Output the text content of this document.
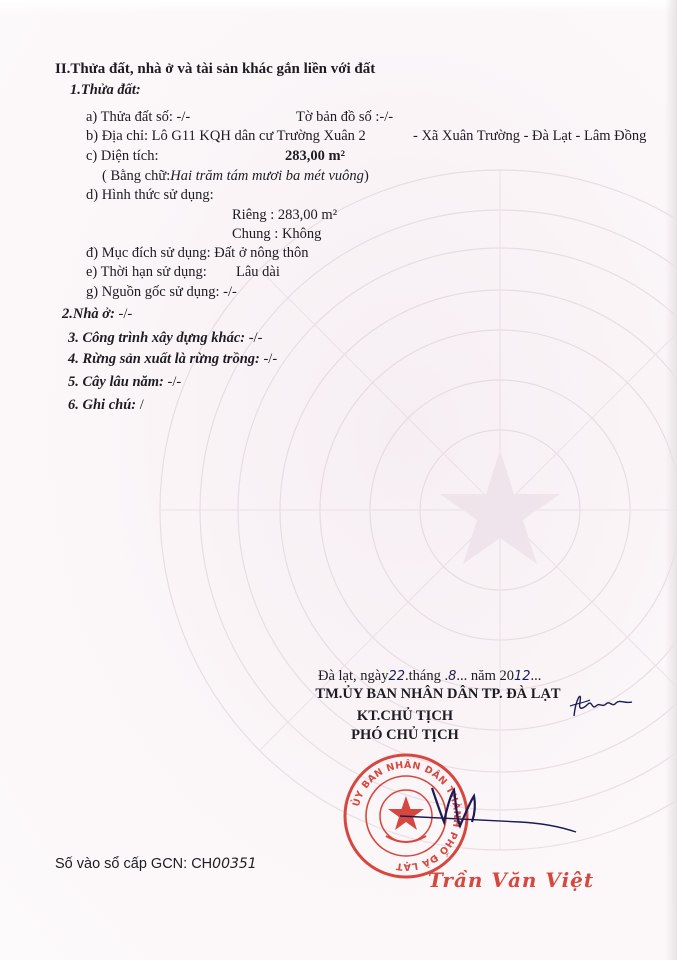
II.Thửa đất, nhà ở và tài sản khác gắn liền với đất
1.Thửa đất:
a) Thửa đất số: -/-	Tờ bản đồ số :-/-
b) Địa chỉ: Lô G11 KQH dân cư Trường Xuân 2	- Xã Xuân Trường - Đà Lạt - Lâm Đồng
c) Diện tích:	283,00 m²
( Bằng chữ:Hai trăm tám mươi ba mét vuông)
d) Hình thức sử dụng:
Riêng : 283,00 m²
Chung : Không
đ) Mục đích sử dụng: Đất ở nông thôn
e) Thời hạn sử dụng: Lâu dài
g) Nguồn gốc sử dụng: -/-
2.Nhà ở: -/-
3. Công trình xây dựng khác: -/-
4. Rừng sản xuất là rừng trồng: -/-
5. Cây lâu năm: -/-
6. Ghi chú: /
Đà lạt, ngày22.tháng .8... năm 2012...
TM.ỦY BAN NHÂN DÂN TP. ĐÀ LẠT
KT.CHỦ TỊCH
PHÓ CHỦ TỊCH
ỦY BAN NHÂN DÂN THÀNH PHỐ ĐÀ LẠT
Trần Văn Việt
Số vào sổ cấp GCN: CH00351
